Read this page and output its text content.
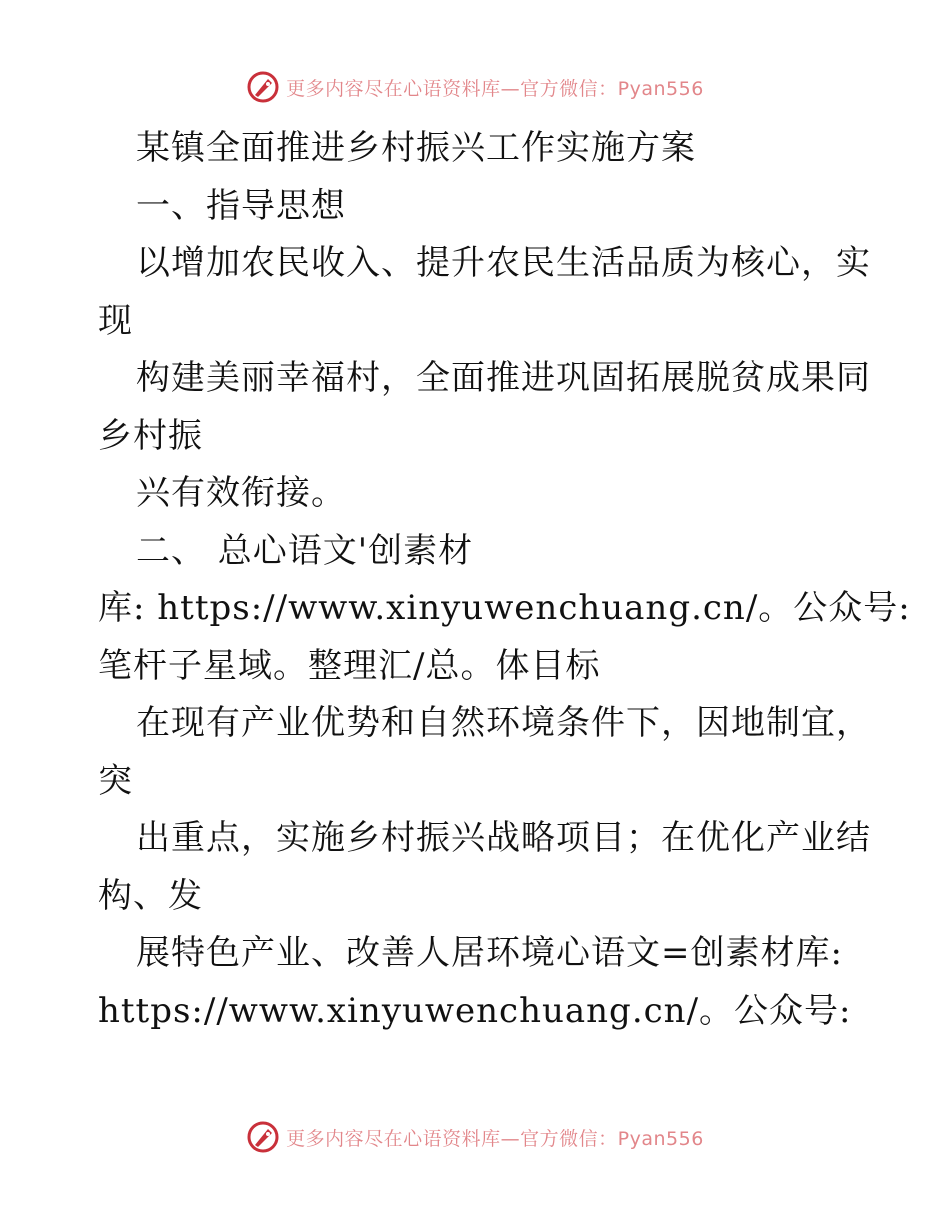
更多内容尽在心语资料库—官方微信：Pyan556
某镇全面推进乡村振兴工作实施方案
一、指导思想
以增加农民收入、提升农民生活品质为核心，实
现
构建美丽幸福村，全面推进巩固拓展脱贫成果同
乡村振
兴有效衔接。
二、 总心语文'创素材
库: https://www.xinyuwenchuang.cn/。公众号:
笔杆子星域。整理汇/总。体目标
在现有产业优势和自然环境条件下，因地制宜，
突
出重点，实施乡村振兴战略项目；在优化产业结
构、发
展特色产业、改善人居环境心语文=创素材库:
https://www.xinyuwenchuang.cn/。公众号:
更多内容尽在心语资料库—官方微信：Pyan556
